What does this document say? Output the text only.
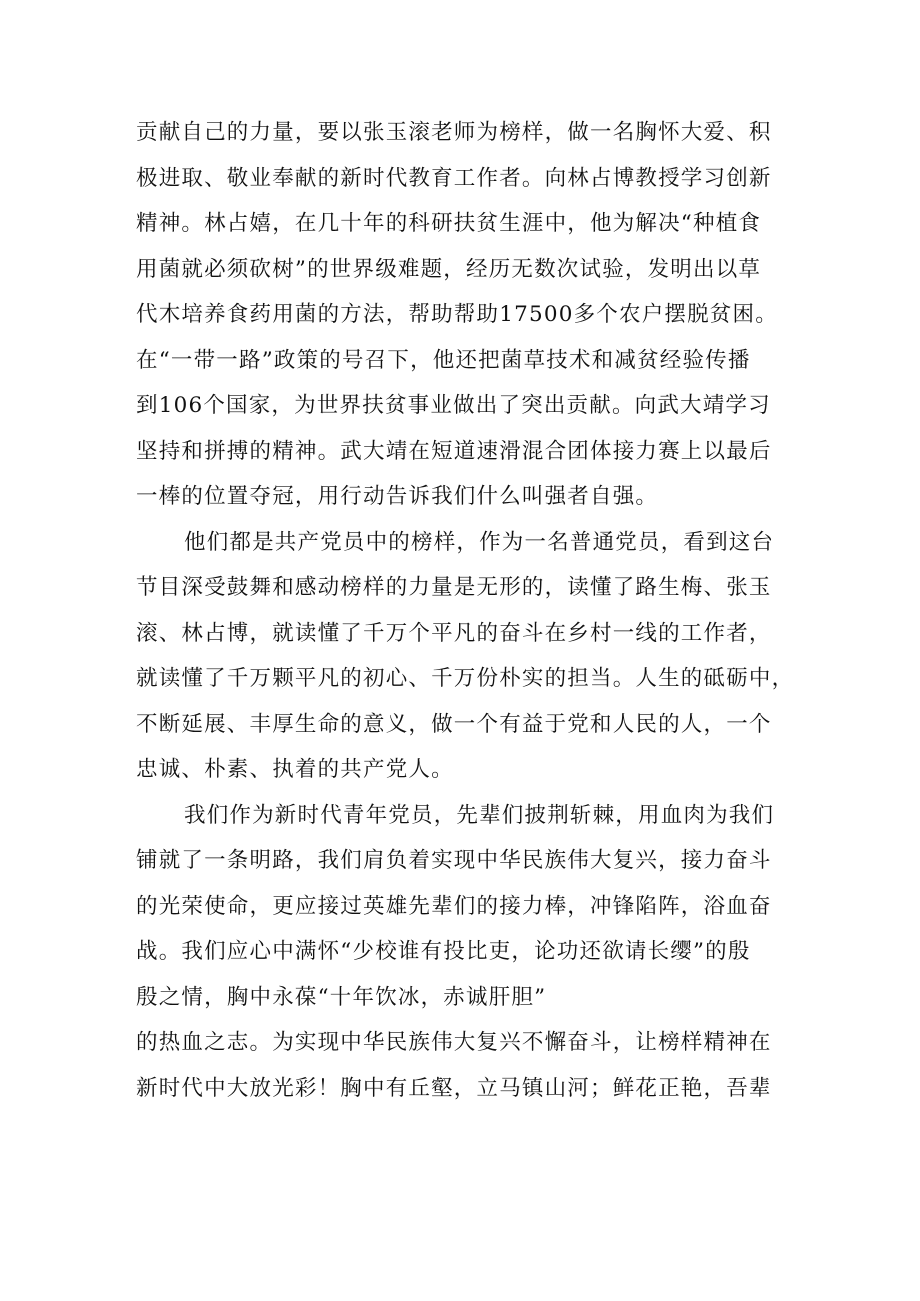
贡献自己的力量，要以张玉滚老师为榜样，做一名胸怀大爱、积

极进取、敬业奉献的新时代教育工作者。向林占博教授学习创新

精神。林占嬉，在几十年的科研扶贫生涯中，他为解决“种植食

用菌就必须砍树”的世界级难题，经历无数次试验，发明出以草

代木培养食药用菌的方法，帮助帮助17500多个农户摆脱贫困。

在“一带一路”政策的号召下，他还把菌草技术和减贫经验传播

到106个国家，为世界扶贫事业做出了突出贡献。向武大靖学习

坚持和拼搏的精神。武大靖在短道速滑混合团体接力赛上以最后

一棒的位置夺冠，用行动告诉我们什么叫强者自强。

他们都是共产党员中的榜样，作为一名普通党员，看到这台

节目深受鼓舞和感动榜样的力量是无形的，读懂了路生梅、张玉

滚、林占博，就读懂了千万个平凡的奋斗在乡村一线的工作者，

就读懂了千万颗平凡的初心、千万份朴实的担当。人生的砥砺中，

不断延展、丰厚生命的意义，做一个有益于党和人民的人，一个

忠诚、朴素、执着的共产党人。

我们作为新时代青年党员，先辈们披荆斩棘，用血肉为我们

铺就了一条明路，我们肩负着实现中华民族伟大复兴，接力奋斗

的光荣使命，更应接过英雄先辈们的接力棒，冲锋陷阵，浴血奋

战。我们应心中满怀“少校谁有投比吏，论功还欲请长缨”的殷

殷之情，胸中永葆“十年饮冰，赤诚肝胆”

的热血之志。为实现中华民族伟大复兴不懈奋斗，让榜样精神在

新时代中大放光彩！胸中有丘壑，立马镇山河；鲜花正艳，吾辈
